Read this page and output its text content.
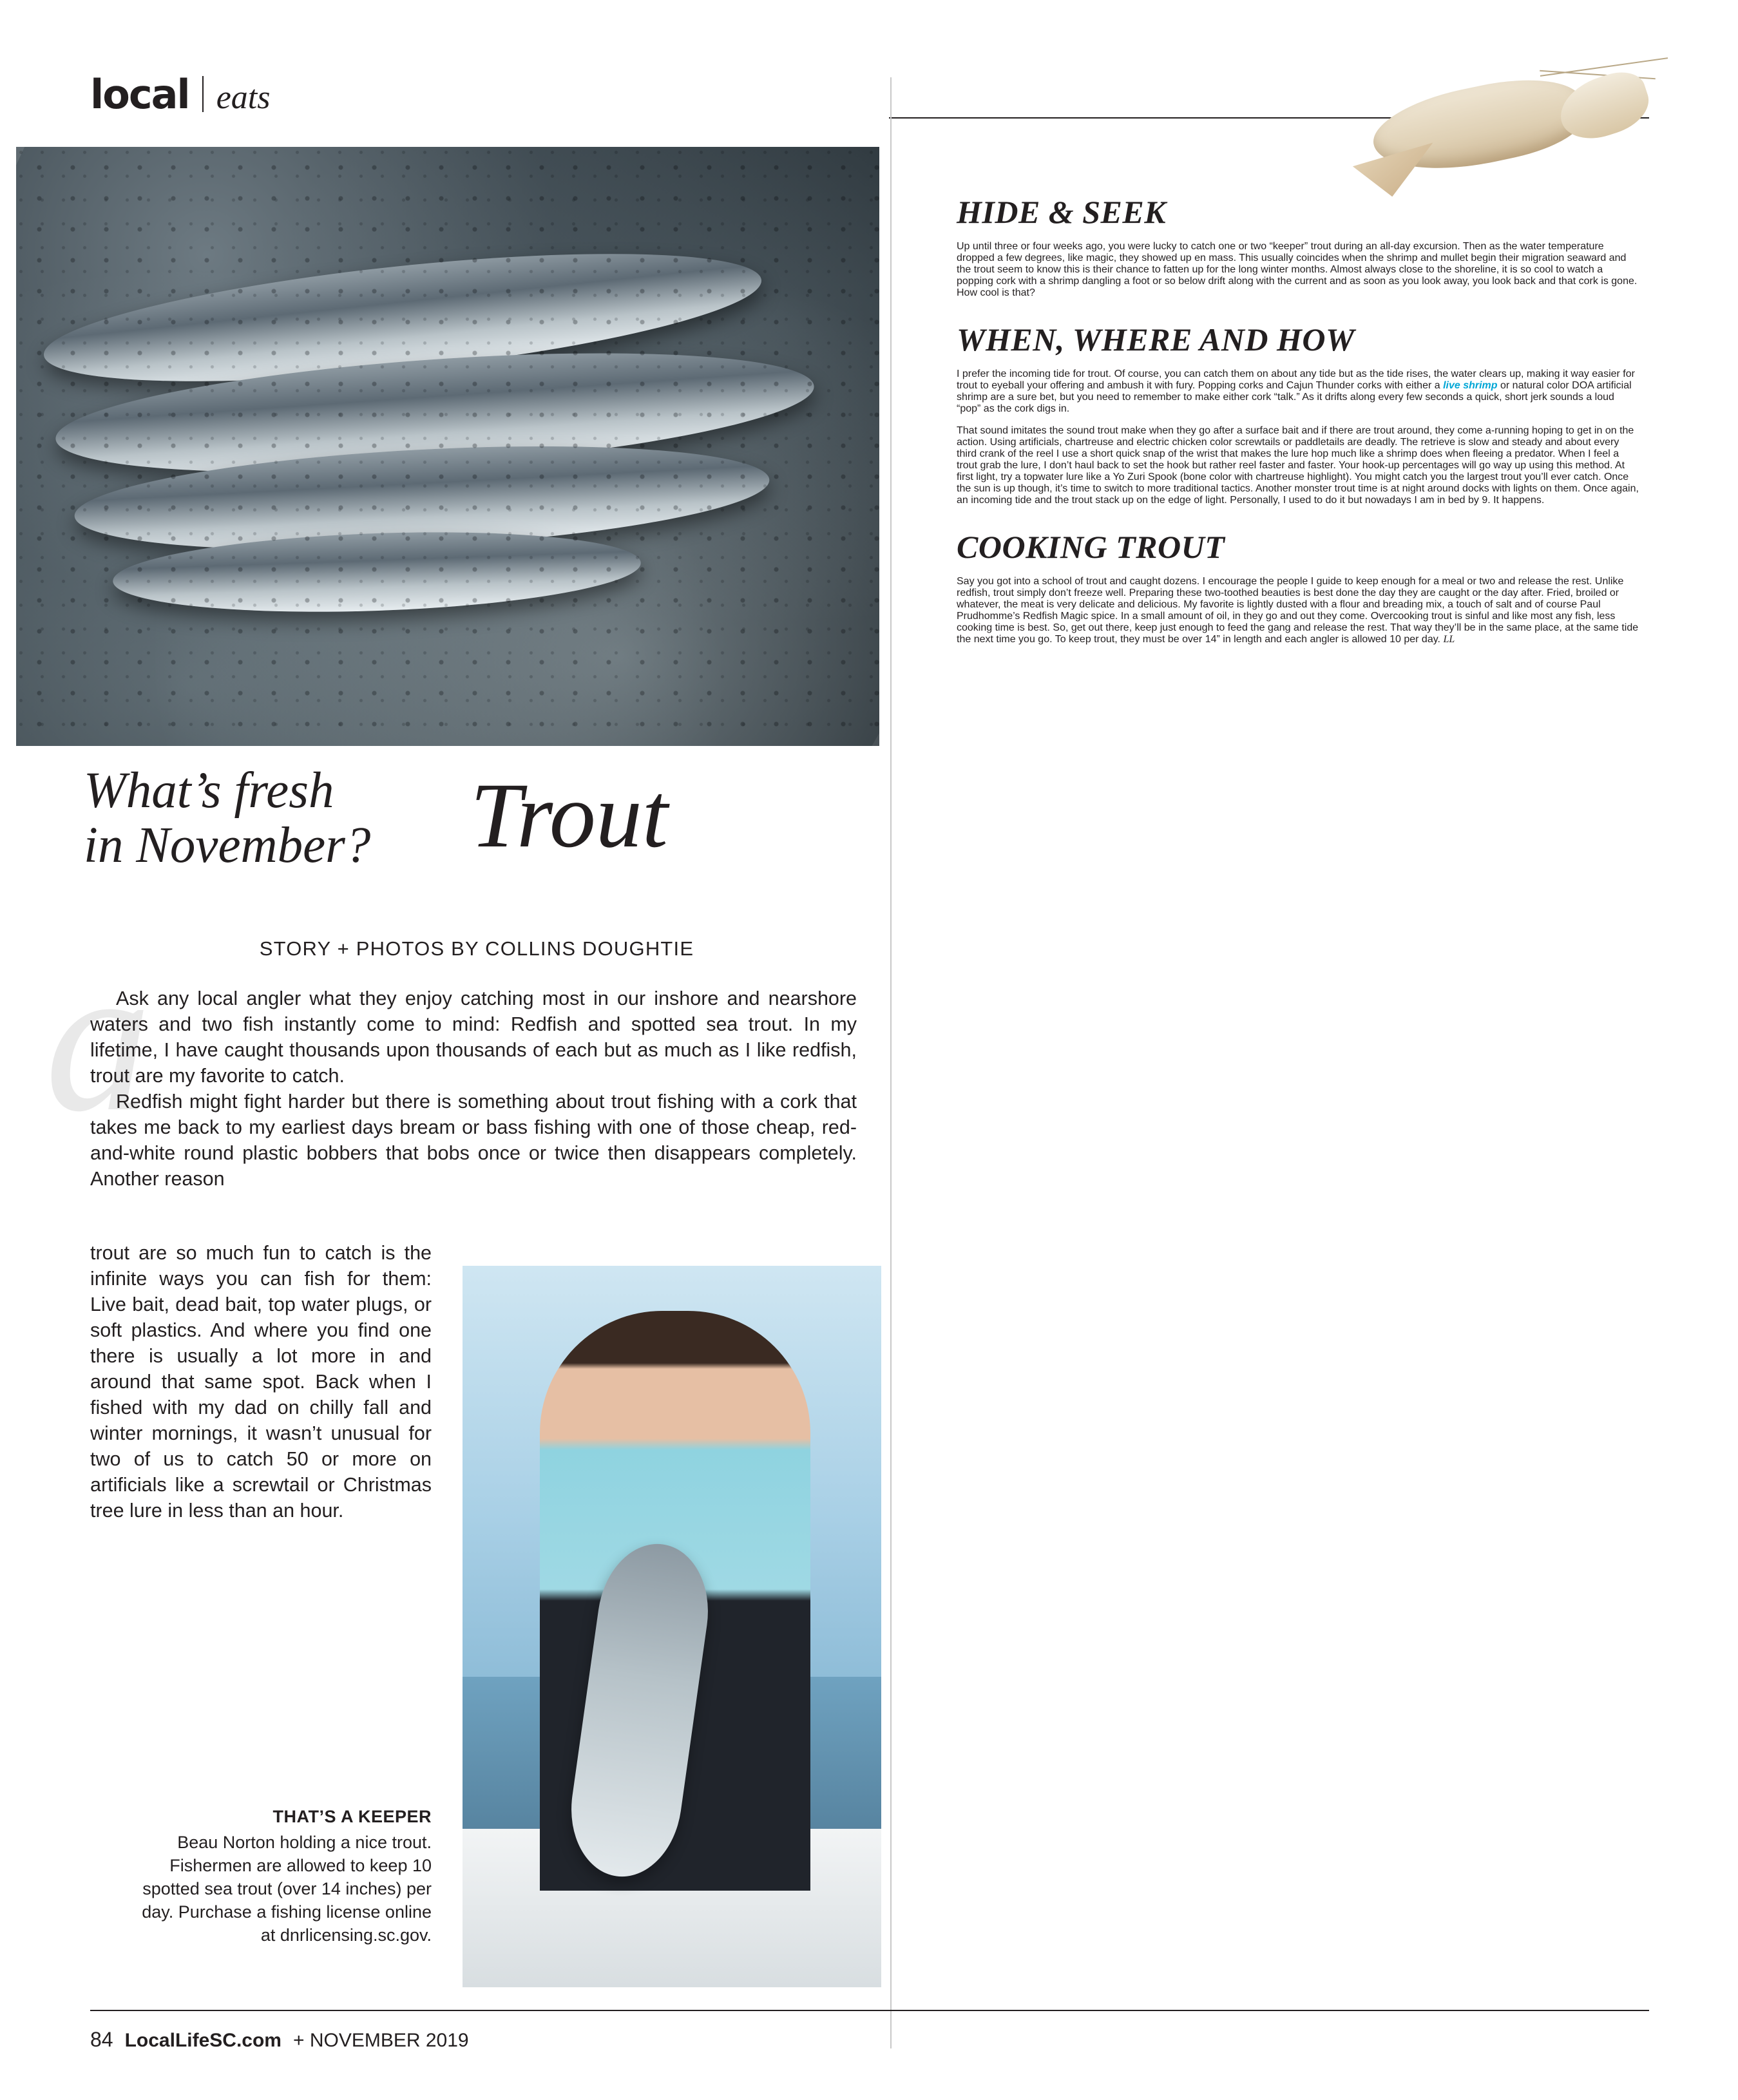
local eats
What’s fresh
in November?	Trout
STORY + PHOTOS BY COLLINS DOUGHTIE
a

Ask any local angler what they enjoy catching most in our inshore and nearshore waters and two fish instantly come to mind: Redfish and spotted sea trout. In my lifetime, I have caught thousands upon thousands of each but as much as I like redfish, trout are my favorite to catch.

Redfish might fight harder but there is something about trout fishing with a cork that takes me back to my earliest days bream or bass fishing with one of those cheap, red-and-white round plastic bobbers that bobs once or twice then disappears completely. Another reason

trout are so much fun to catch is the infinite ways you can fish for them: Live bait, dead bait, top water plugs, or soft plastics. And where you find one there is usually a lot more in and around that same spot. Back when I fished with my dad on chilly fall and winter mornings, it wasn’t unusual for two of us to catch 50 or more on artificials like a screwtail or Christmas tree lure in less than an hour.

THAT’S A KEEPER
Beau Norton holding a nice trout. Fishermen are allowed to keep 10 spotted sea trout (over 14 inches) per day. Purchase a fishing license online at dnrlicensing.sc.gov.
HIDE & SEEK

Up until three or four weeks ago, you were lucky to catch one or two “keeper” trout during an all-day excursion. Then as the water temperature dropped a few degrees, like magic, they showed up en mass. This usually coincides when the shrimp and mullet begin their migration seaward and the trout seem to know this is their chance to fatten up for the long winter months. Almost always close to the shoreline, it is so cool to watch a popping cork with a shrimp dangling a foot or so below drift along with the current and as soon as you look away, you look back and that cork is gone. How cool is that?

WHEN, WHERE AND HOW

I prefer the incoming tide for trout. Of course, you can catch them on about any tide but as the tide rises, the water clears up, making it way easier for trout to eyeball your offering and ambush it with fury. Popping corks and Cajun Thunder corks with either a live shrimp or natural color DOA artificial shrimp are a sure bet, but you need to remember to make either cork “talk.” As it drifts along every few seconds a quick, short jerk sounds a loud “pop” as the cork digs in.

That sound imitates the sound trout make when they go after a surface bait and if there are trout around, they come a-running hoping to get in on the action. Using artificials, chartreuse and electric chicken color screwtails or paddletails are deadly. The retrieve is slow and steady and about every third crank of the reel I use a short quick snap of the wrist that makes the lure hop much like a shrimp does when fleeing a predator. When I feel a trout grab the lure, I don’t haul back to set the hook but rather reel faster and faster. Your hook-up percentages will go way up using this method. At first light, try a topwater lure like a Yo Zuri Spook (bone color with chartreuse highlight). You might catch you the largest trout you’ll ever catch. Once the sun is up though, it’s time to switch to more traditional tactics. Another monster trout time is at night around docks with lights on them. Once again, an incoming tide and the trout stack up on the edge of light. Personally, I used to do it but nowadays I am in bed by 9. It happens.

COOKING TROUT

Say you got into a school of trout and caught dozens. I encourage the people I guide to keep enough for a meal or two and release the rest. Unlike redfish, trout simply don’t freeze well. Preparing these two-toothed beauties is best done the day they are caught or the day after. Fried, broiled or whatever, the meat is very delicate and delicious. My favorite is lightly dusted with a flour and breading mix, a touch of salt and of course Paul Prudhomme’s Redfish Magic spice. In a small amount of oil, in they go and out they come. Overcooking trout is sinful and like most any fish, less cooking time is best. So, get out there, keep just enough to feed the gang and release the rest. That way they’ll be in the same place, at the same tide the next time you go. To keep trout, they must be over 14” in length and each angler is allowed 10 per day. LL

84 LocalLifeSC.com + NOVEMBER 2019
